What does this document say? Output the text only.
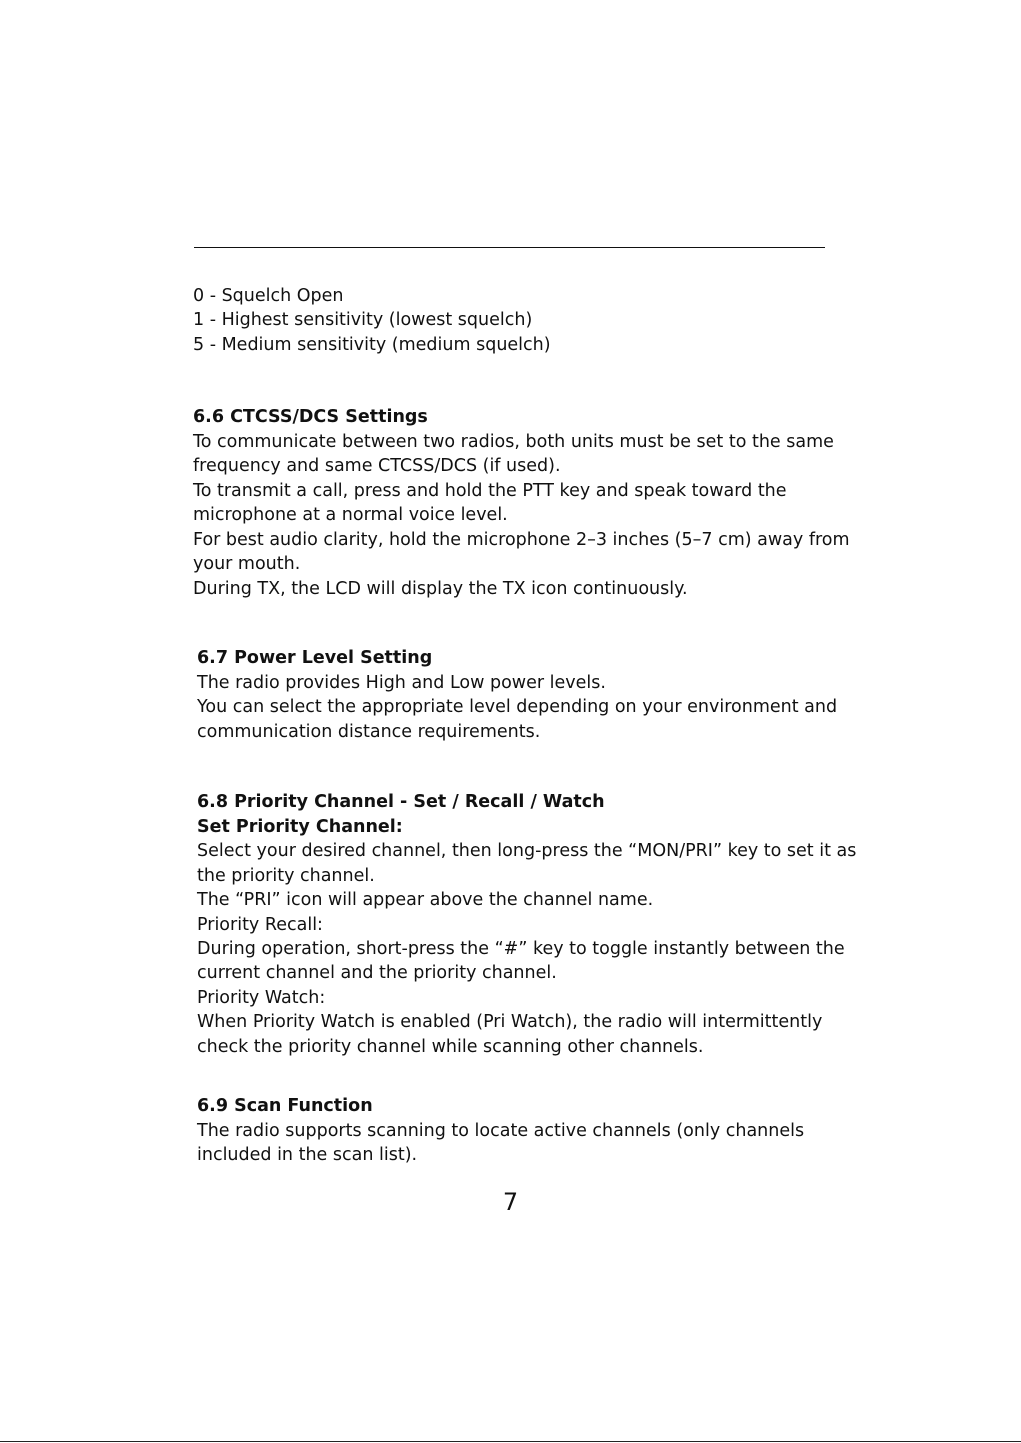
0 - Squelch Open

1 - Highest sensitivity (lowest squelch)

5 - Medium sensitivity (medium squelch)

6.6 CTCSS/DCS Settings

To communicate between two radios, both units must be set to the same

frequency and same CTCSS/DCS (if used).

To transmit a call, press and hold the PTT key and speak toward the

microphone at a normal voice level.

For best audio clarity, hold the microphone 2–3 inches (5–7 cm) away from

your mouth.

During TX, the LCD will display the TX icon continuously.

6.7 Power Level Setting

The radio provides High and Low power levels.

You can select the appropriate level depending on your environment and

communication distance requirements.

6.8 Priority Channel - Set / Recall / Watch
Set Priority Channel:

Select your desired channel, then long-press the “MON/PRI” key to set it as

the priority channel.

The “PRI” icon will appear above the channel name.

Priority Recall:

During operation, short-press the “#” key to toggle instantly between the

current channel and the priority channel.

Priority Watch:

When Priority Watch is enabled (Pri Watch), the radio will intermittently

check the priority channel while scanning other channels.

6.9 Scan Function

The radio supports scanning to locate active channels (only channels

included in the scan list).

7
